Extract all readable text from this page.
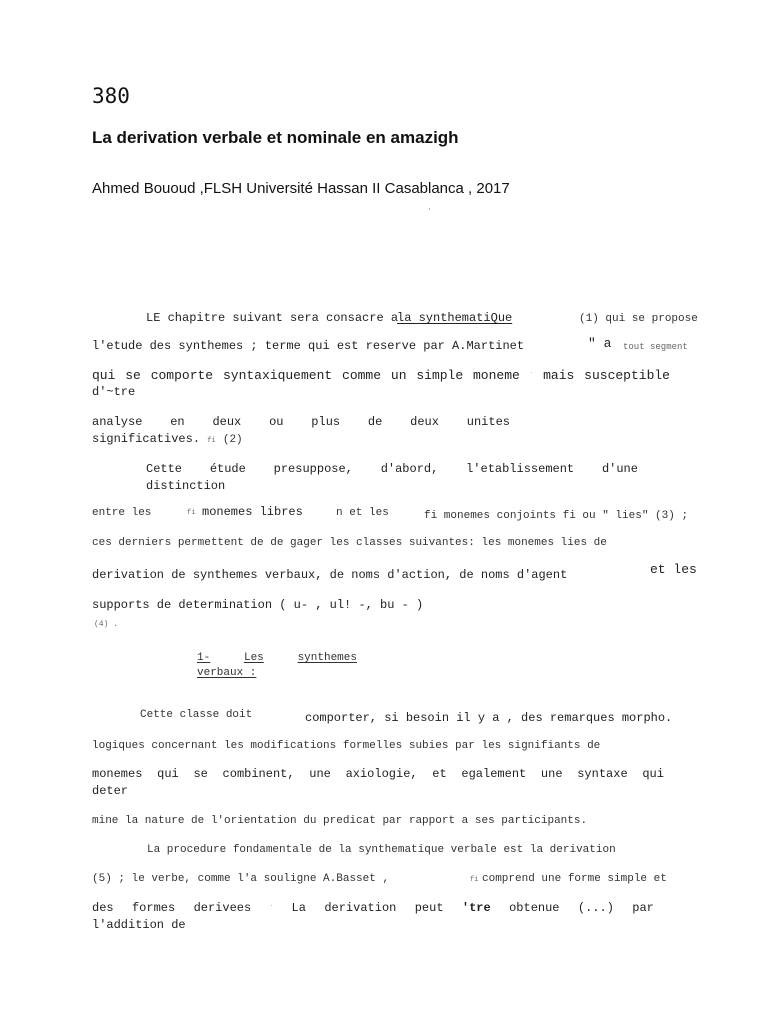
380
La derivation verbale et nominale en amazigh
Ahmed Bououd ,FLSH Université Hassan II Casablanca , 2017
LE chapitre suivant sera consacre a
la synthematiQue	(1) qui se propose
l'etude des synthemes ; terme qui est reserve par A.Martinet	" a tout segment
qui se comporte syntaxiquement comme un simple moneme . mais susceptible
d'~tre
analyse en deux ou plus de deux unites
significatives. fi (2)
Cette étude presuppose, d'abord, l'etablissement d'une
distinction
entre les	fi monemes libres	n et les	fi monemes conjoints fi ou " lies" (3) ;
ces derniers permettent de de gager les classes suivantes: les monemes lies de
derivation de synthemes verbaux, de noms d'action, de noms d'agent	et les
supports de determination ( u- , ul! -, bu - )
(4) .
1-	Les	synthemes
verbaux :
Cette classe doit	comporter, si besoin il y a , des remarques morpho.
logiques concernant les modifications formelles subies par les signifiants de
monemes qui se combinent, une axiologie, et egalement une syntaxe qui
deter
mine la nature de l'orientation du predicat par rapport a ses participants.
La procedure fondamentale de la synthematique verbale est la derivation
(5) ; le verbe, comme l'a souligne A.Basset ,	fi comprend une forme simple et
des formes derivees	. La derivation peut 'tre obtenue (...) par
l'addition de
